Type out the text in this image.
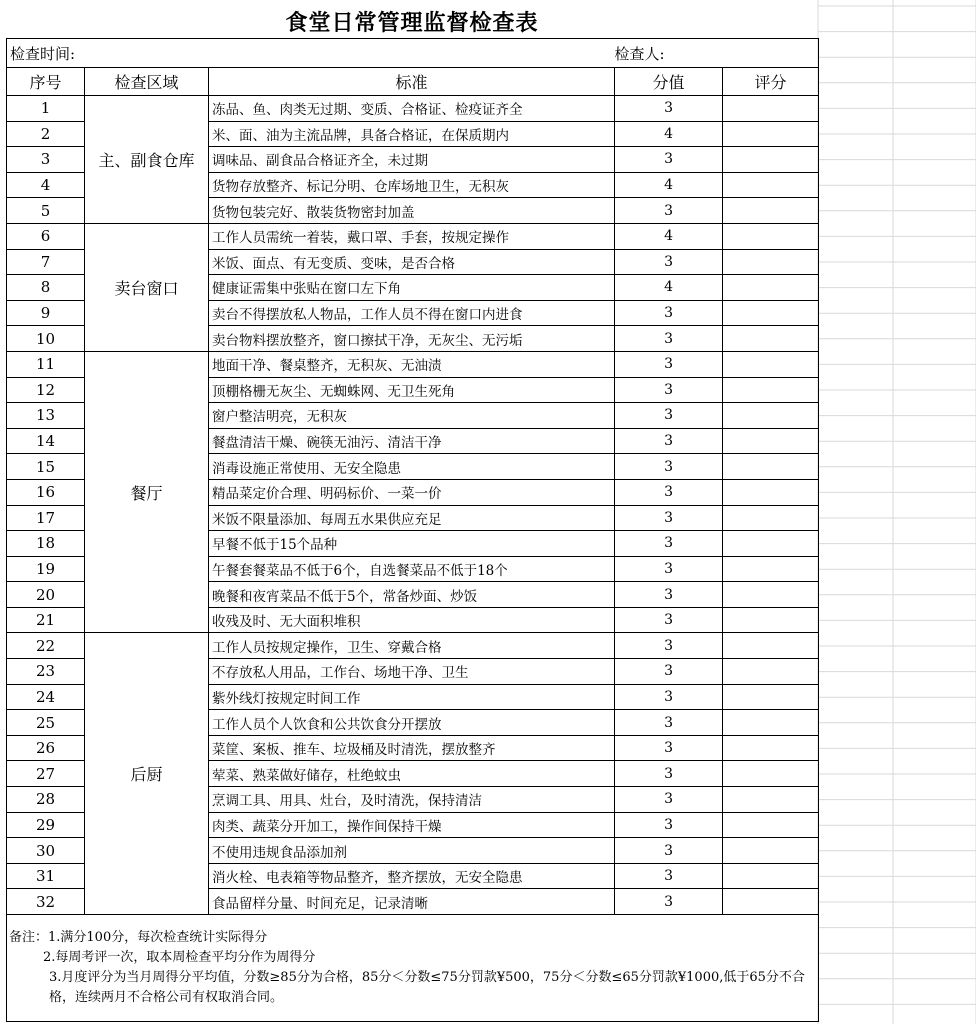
食堂日常管理监督检查表
检查时间:			检查人:	
序号	检查区域	标准	分值	评分
1	主、副食仓库	冻品、鱼、肉类无过期、变质、合格证、检疫证齐全	3	
2		米、面、油为主流品牌，具备合格证，在保质期内	4	
3		调味品、副食品合格证齐全，未过期	3	
4		货物存放整齐、标记分明、仓库场地卫生，无积灰	4	
5		货物包装完好、散装货物密封加盖	3	
6	卖台窗口	工作人员需统一着装，戴口罩、手套，按规定操作	4	
7		米饭、面点、有无变质、变味，是否合格	3	
8		健康证需集中张贴在窗口左下角	4	
9		卖台不得摆放私人物品，工作人员不得在窗口内进食	3	
10		卖台物料摆放整齐，窗口擦拭干净，无灰尘、无污垢	3	
11	餐厅	地面干净、餐桌整齐，无积灰、无油渍	3	
12		顶棚格栅无灰尘、无蜘蛛网、无卫生死角	3	
13		窗户整洁明亮，无积灰	3	
14		餐盘清洁干燥、碗筷无油污、清洁干净	3	
15		消毒设施正常使用、无安全隐患	3	
16		精品菜定价合理、明码标价、一菜一价	3	
17		米饭不限量添加、每周五水果供应充足	3	
18		早餐不低于15个品种	3	
19		午餐套餐菜品不低于6个，自选餐菜品不低于18个	3	
20		晚餐和夜宵菜品不低于5个，常备炒面、炒饭	3	
21		收残及时、无大面积堆积	3	
22	后厨	工作人员按规定操作，卫生、穿戴合格	3	
23		不存放私人用品，工作台、场地干净、卫生	3	
24		紫外线灯按规定时间工作	3	
25		工作人员个人饮食和公共饮食分开摆放	3	
26		菜筐、案板、推车、垃圾桶及时清洗，摆放整齐	3	
27		荤菜、熟菜做好储存，杜绝蚊虫	3	
28		烹调工具、用具、灶台，及时清洗，保持清洁	3	
29		肉类、蔬菜分开加工，操作间保持干燥	3	
30		不使用违规食品添加剂	3	
31		消火栓、电表箱等物品整齐，整齐摆放，无安全隐患	3	
32		食品留样分量、时间充足，记录清晰	3	

备注：1.满分100分，每次检查统计实际得分
2.每周考评一次，取本周检查平均分作为周得分
3.月度评分为当月周得分平均值，分数≥85分为合格，85分＜分数≤75分罚款¥500，75分＜分数≤65分罚款¥1000,低于65分不合格，连续两月不合格公司有权取消合同。				
